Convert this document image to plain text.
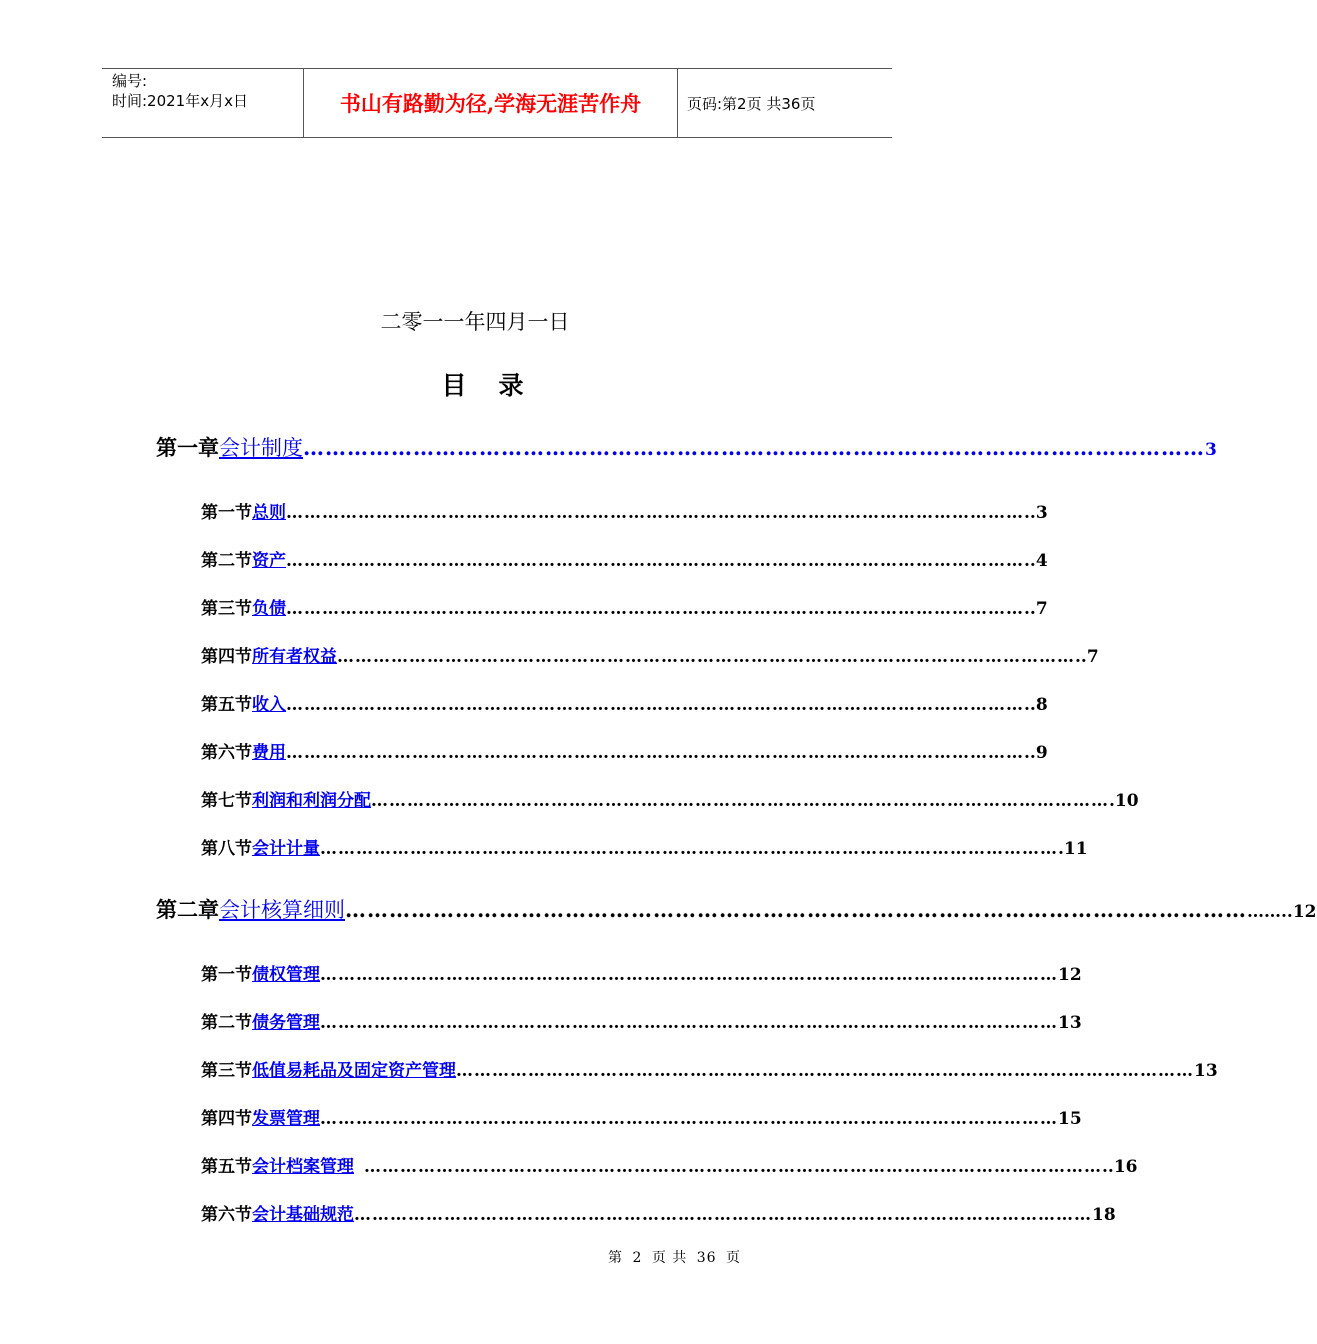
编号:
时间:2021年x月x日	书山有路勤为径,学海无涯苦作舟	页码:第2页 共36页
二零一一年四月一日
目录
第一章 会计制度 …………………………………………………………………………………………………………… 3
第一节 总则 …………………………………………………………………………………………………………… ..3
第二节 资产 …………………………………………………………………………………………………………… ..4
第三节 负债 …………………………………………………………………………………………………………… ..7
第四节 所有者权益 …………………………………………………………………………………………………………… ..7
第五节 收入 …………………………………………………………………………………………………………… ..8
第六节 费用 …………………………………………………………………………………………………………… ..9
第七节 利润和利润分配 …………………………………………………………………………………………………………… .10
第八节 会计计量 …………………………………………………………………………………………………………… .11
第二章 会计核算细则 …………………………………………………………………………………………………………… ……..12
第一节 债权管理 …………………………………………………………………………………………………………… 12
第二节 债务管理 …………………………………………………………………………………………………………… 13
第三节 低值易耗品及固定资产管理 …………………………………………………………………………………………………………… 13
第四节 发票管理 …………………………………………………………………………………………………………… 15
第五节 会计档案管理 …………………………………………………………………………………………………………… ..16
第六节 会计基础规范 …………………………………………………………………………………………………………… 18
第 2 页 共 36 页
